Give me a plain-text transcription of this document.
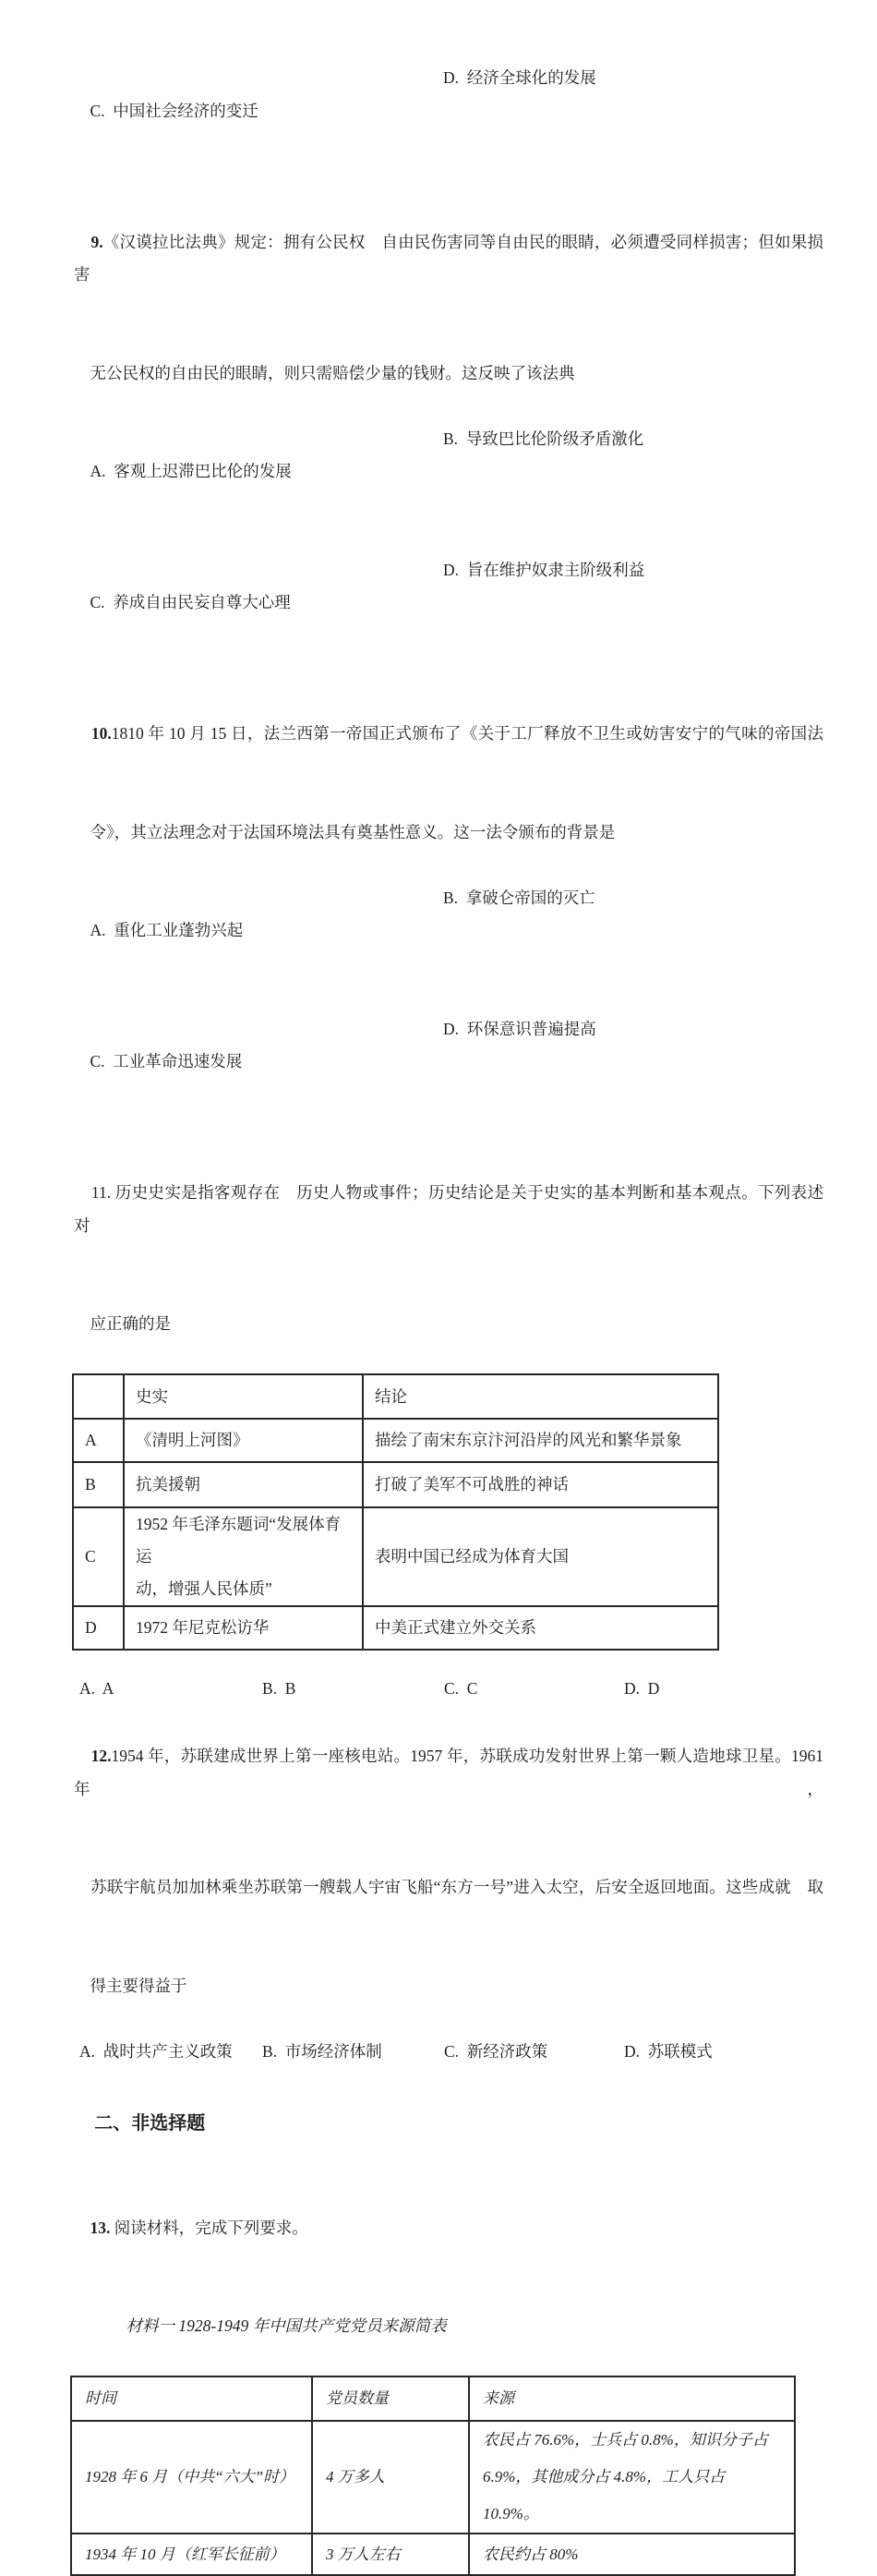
C.  中国社会经济的变迁

D.  经济全球化的发展

9.《汉谟拉比法典》规定：拥有公民权　自由民伤害同等自由民的眼睛，必须遭受同样损害；但如果损害

无公民权的自由民的眼睛，则只需赔偿少量的钱财。这反映了该法典

A.  客观上迟滞巴比伦的发展

B.  导致巴比伦阶级矛盾激化

C.  养成自由民妄自尊大心理

D.  旨在维护奴隶主阶级利益

10.1810 年 10 月 15 日，法兰西第一帝国正式颁布了《关于工厂释放不卫生或妨害安宁的气味的帝国法

令》，其立法理念对于法国环境法具有奠基性意义。这一法令颁布的背景是

A.  重化工业蓬勃兴起

B.  拿破仑帝国的灭亡

C.  工业革命迅速发展

D.  环保意识普遍提高

11. 历史史实是指客观存在　历史人物或事件；历史结论是关于史实的基本判断和基本观点。下列表述对

应正确的是

	史实	结论
A	《清明上河图》	描绘了南宋东京汴河沿岸的风光和繁华景象
B	抗美援朝	打破了美军不可战胜的神话
C	1952 年毛泽东题词“发展体育运
动，增强人民体质”	表明中国已经成为体育大国
D	1972 年尼克松访华	中美正式建立外交关系

A.  A

	B.  B

	C.  C

	D.  D

12.1954 年，苏联建成世界上第一座核电站。1957 年，苏联成功发射世界上第一颗人造地球卫星。1961 年，

苏联宇航员加加林乘坐苏联第一艘载人宇宙飞船“东方一号”进入太空，后安全返回地面。这些成就　取

得主要得益于

A.  战时共产主义政策

B.  市场经济体制

	C.  新经济政策

	D.  苏联模式

二、非选择题

13. 阅读材料，完成下列要求。

材料一 1928-1949 年中国共产党党员来源简表

时间	党员数量	来源
1928 年 6 月（中共“六大”时）	4 万多人	农民占 76.6%，士兵占 0.8%，知识分子占
6.9%，其他成分占 4.8%，工人只占 10.9%。
1934 年 10 月（红军长征前）	3 万人左右	农民约占 80%
